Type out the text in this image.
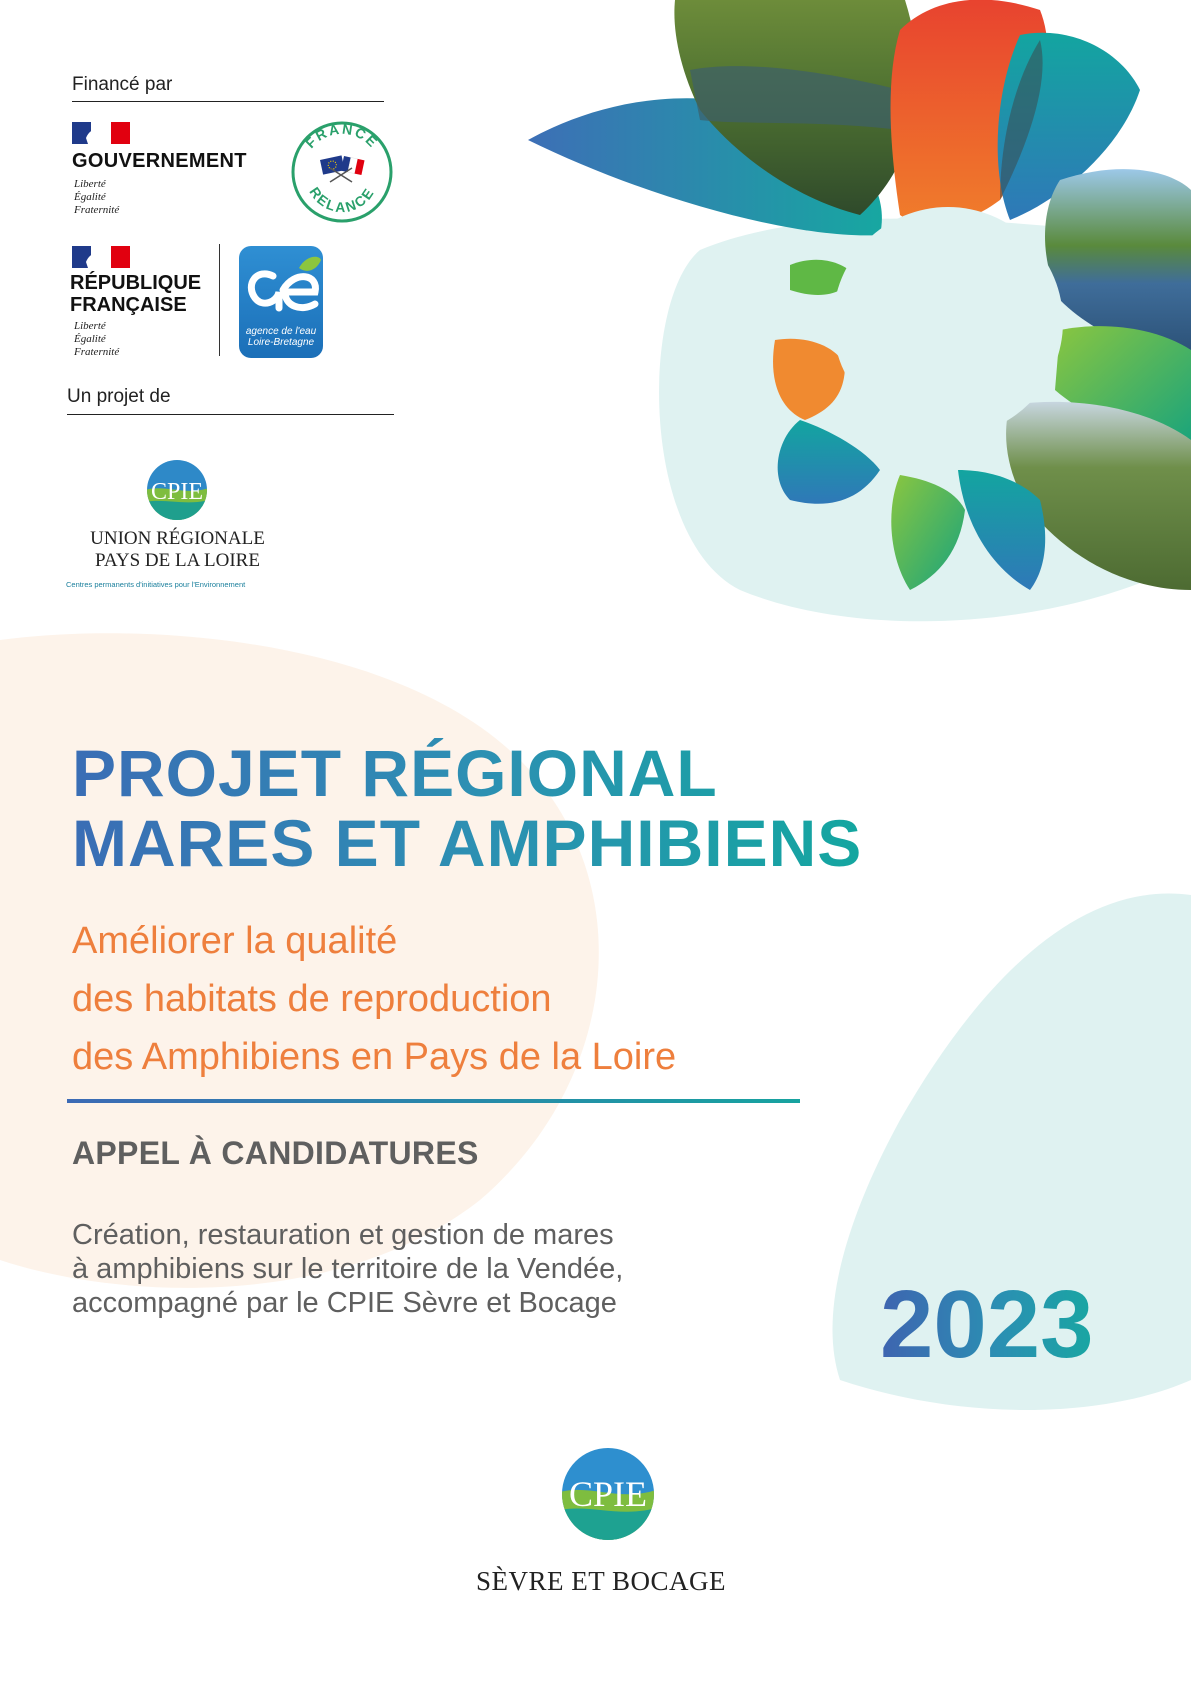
Financé par
GOUVERNEMENT
Liberté
Égalité
Fraternité
FRANCE
RELANCE
RÉPUBLIQUE
FRANÇAISE
Liberté
Égalité
Fraternité
agence de l'eau
Loire-Bretagne
Un projet de
CPIE
UNION RÉGIONALE
PAYS DE LA LOIRE
Centres permanents d'initiatives pour l'Environnement
PROJET RÉGIONAL
MARES ET AMPHIBIENS
Améliorer la qualité
des habitats de reproduction
des Amphibiens en Pays de la Loire
APPEL À CANDIDATURES
Création, restauration et gestion de mares
à amphibiens sur le territoire de la Vendée,
accompagné par le CPIE Sèvre et Bocage	2023
CPIE
SÈVRE ET BOCAGE
